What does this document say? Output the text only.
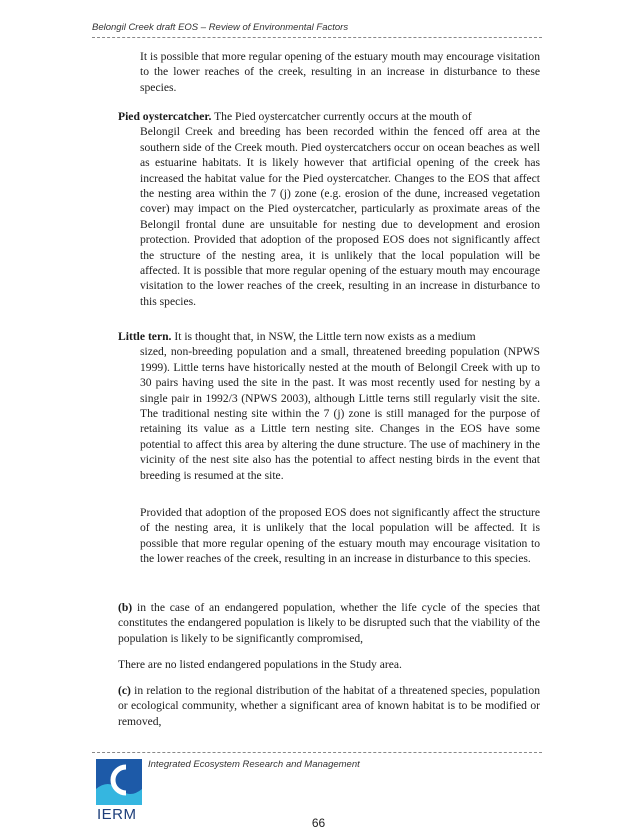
Belongil Creek draft EOS – Review of Environmental Factors

It is possible that more regular opening of the estuary mouth may encourage visitation to the lower reaches of the creek, resulting in an increase in disturbance to these species.

Pied oystercatcher. The Pied oystercatcher currently occurs at the mouth of
Belongil Creek and breeding has been recorded within the fenced off area at the southern side of the Creek mouth. Pied oystercatchers occur on ocean beaches as well as estuarine habitats. It is likely however that artificial opening of the creek has increased the habitat value for the Pied oystercatcher. Changes to the EOS that affect the nesting area within the 7 (j) zone (e.g. erosion of the dune, increased vegetation cover) may impact on the Pied oystercatcher, particularly as proximate areas of the Belongil frontal dune are unsuitable for nesting due to development and erosion protection. Provided that adoption of the proposed EOS does not significantly affect the structure of the nesting area, it is unlikely that the local population will be affected. It is possible that more regular opening of the estuary mouth may encourage visitation to the lower reaches of the creek, resulting in an increase in disturbance to this species.

Little tern. It is thought that, in NSW, the Little tern now exists as a medium
sized, non-breeding population and a small, threatened breeding population (NPWS 1999). Little terns have historically nested at the mouth of Belongil Creek with up to 30 pairs having used the site in the past. It was most recently used for nesting by a single pair in 1992/3 (NPWS 2003), although Little terns still regularly visit the site. The traditional nesting site within the 7 (j) zone is still managed for the purpose of retaining its value as a Little tern nesting site. Changes in the EOS have some potential to affect this area by altering the dune structure. The use of machinery in the vicinity of the nest site also has the potential to affect nesting birds in the event that breeding is resumed at the site.

Provided that adoption of the proposed EOS does not significantly affect the structure of the nesting area, it is unlikely that the local population will be affected. It is possible that more regular opening of the estuary mouth may encourage visitation to the lower reaches of the creek, resulting in an increase in disturbance to this species.

(b) in the case of an endangered population, whether the life cycle of the species that constitutes the endangered population is likely to be disrupted such that the viability of the population is likely to be significantly compromised,

There are no listed endangered populations in the Study area.

(c) in relation to the regional distribution of the habitat of a threatened species, population or ecological community, whether a significant area of known habitat is to be modified or removed,

IERM
Integrated Ecosystem Research and Management
66
